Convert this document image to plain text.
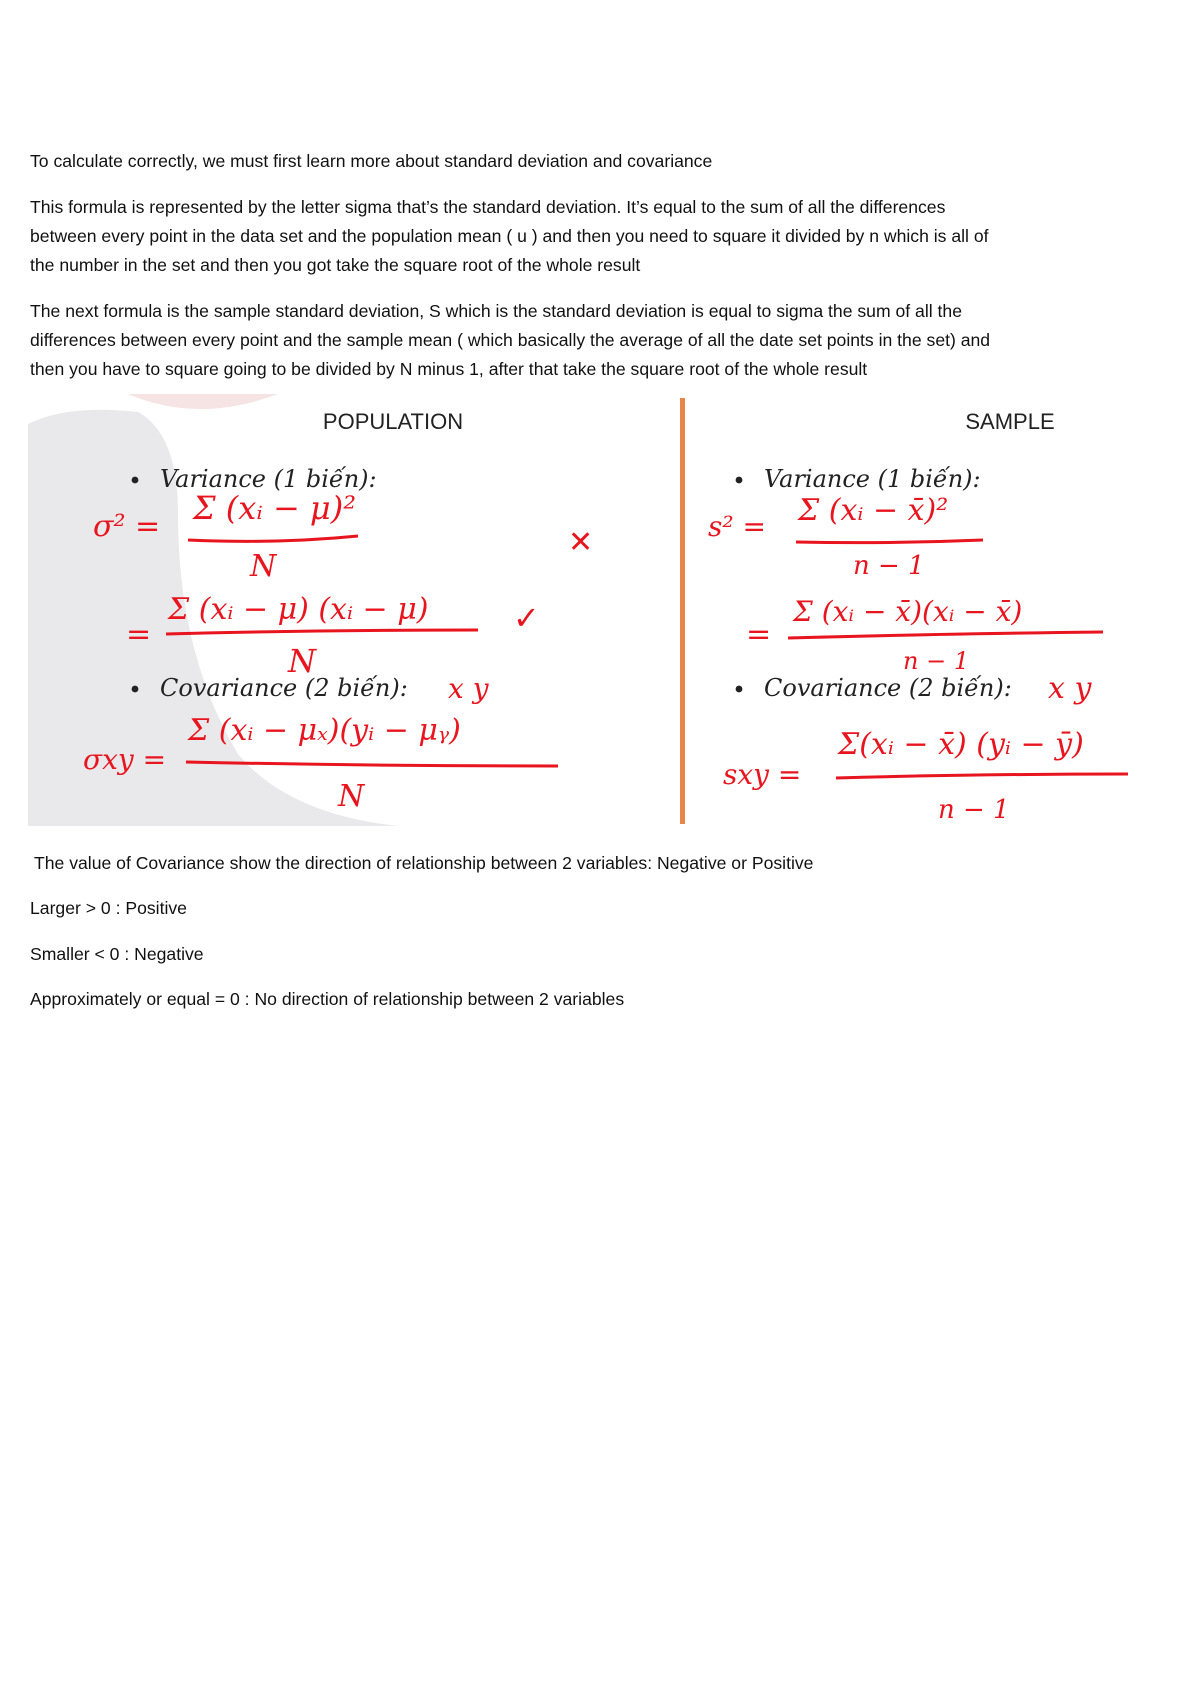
To calculate correctly, we must first learn more about standard deviation and covariance

This formula is represented by the letter sigma that’s the standard deviation. It’s equal to the sum of all the differences

between every point in the data set and the population mean ( u ) and then you need to square it divided by n which is all of

the number in the set and then you got take the square root of the whole result

The next formula is the sample standard deviation, S which is the standard deviation is equal to sigma the sum of all the

differences between every point and the sample mean ( which basically the average of all the date set points in the set) and

then you have to square going to be divided by N minus 1, after that take the square root of the whole result

POPULATION
Variance (1 biến):
σ² = Σ (xᵢ − μ)²
N
=
Σ (xᵢ − μ) (xᵢ − μ)
N
✕
✓
Covariance (2 biến): x y
σxy =
Σ (xᵢ − μₓ)(yᵢ − μᵧ)
N
SAMPLE
Variance (1 biến):
s² = Σ (xᵢ − x̄)²
n − 1
=
Σ (xᵢ − x̄)(xᵢ − x̄)
n − 1
Covariance (2 biến): x y
sxy =
Σ(xᵢ − x̄) (yᵢ − ȳ)
n − 1

The value of Covariance show the direction of relationship between 2 variables: Negative or Positive

Larger > 0 : Positive

Smaller < 0 : Negative

Approximately or equal = 0 : No direction of relationship between 2 variables
